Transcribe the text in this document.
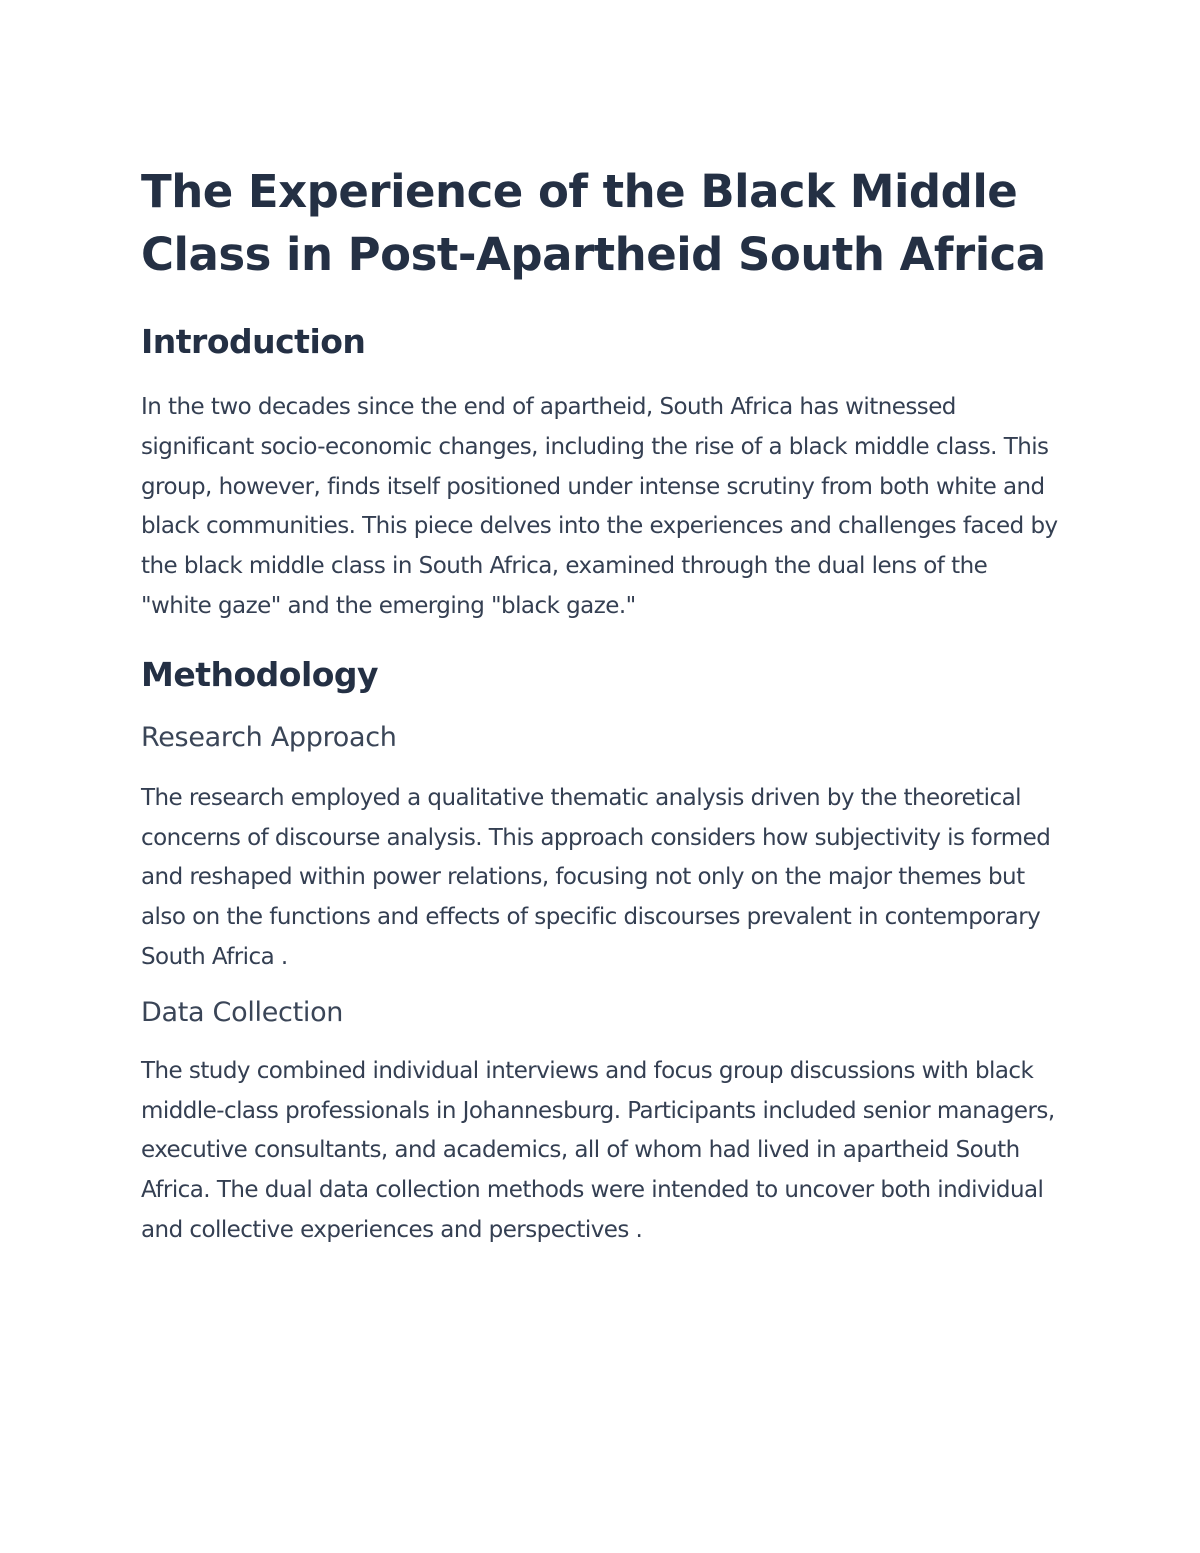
The Experience of the Black Middle Class in Post-Apartheid South Africa
Introduction

In the two decades since the end of apartheid, South Africa has witnessed significant socio-economic changes, including the rise of a black middle class. This group, however, finds itself positioned under intense scrutiny from both white and black communities. This piece delves into the experiences and challenges faced by the black middle class in South Africa, examined through the dual lens of the "white gaze" and the emerging "black gaze."

Methodology
Research Approach

The research employed a qualitative thematic analysis driven by the theoretical concerns of discourse analysis. This approach considers how subjectivity is formed and reshaped within power relations, focusing not only on the major themes but also on the functions and effects of specific discourses prevalent in contemporary South Africa .

Data Collection

The study combined individual interviews and focus group discussions with black middle-class professionals in Johannesburg. Participants included senior managers, executive consultants, and academics, all of whom had lived in apartheid South Africa. The dual data collection methods were intended to uncover both individual and collective experiences and perspectives .
